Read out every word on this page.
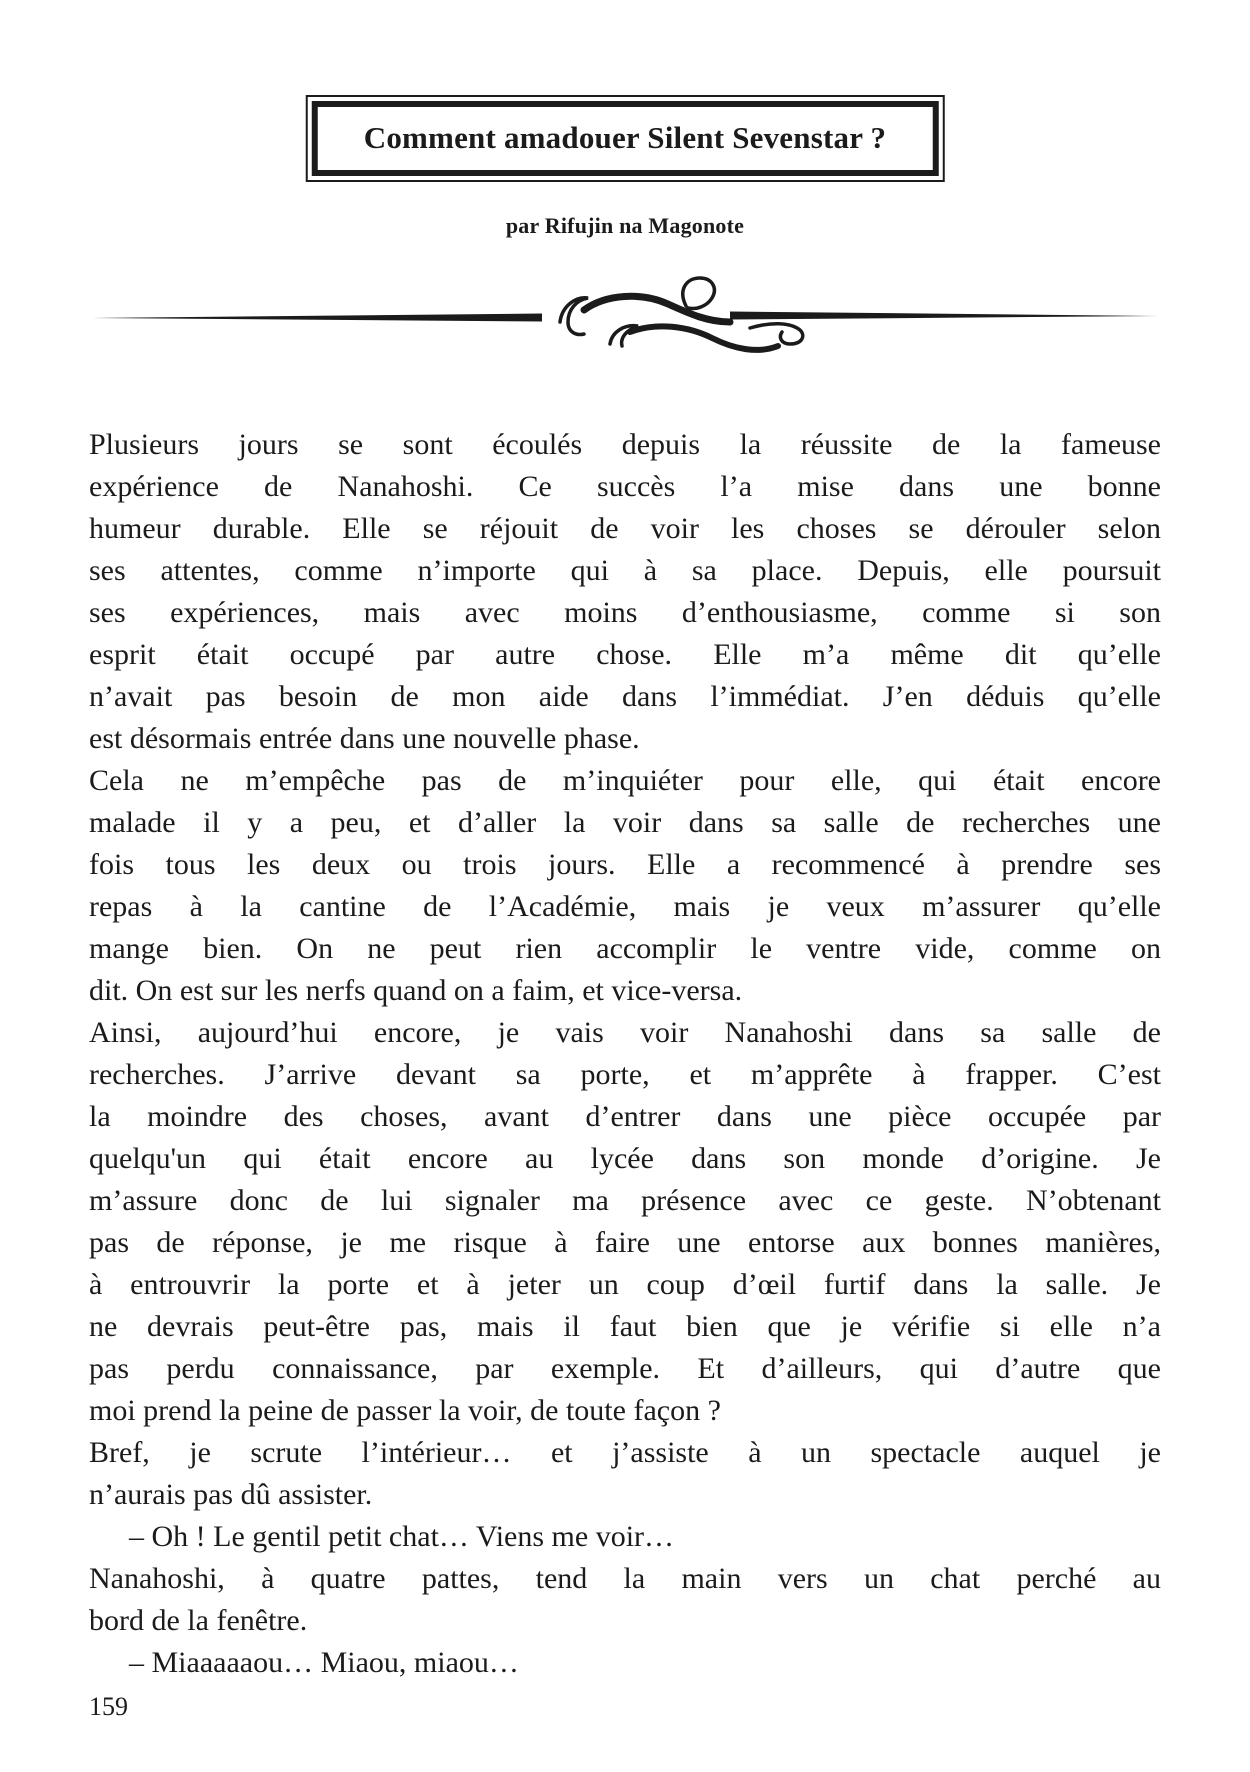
Comment amadouer Silent Sevenstar ?
par Rifujin na Magonote
Plusieurs jours se sont écoulés depuis la réussite de la fameuse
expérience de Nanahoshi. Ce succès l’a mise dans une bonne
humeur durable. Elle se réjouit de voir les choses se dérouler selon
ses attentes, comme n’importe qui à sa place. Depuis, elle poursuit
ses expériences, mais avec moins d’enthousiasme, comme si son
esprit était occupé par autre chose. Elle m’a même dit qu’elle
n’avait pas besoin de mon aide dans l’immédiat. J’en déduis qu’elle
est désormais entrée dans une nouvelle phase.
Cela ne m’empêche pas de m’inquiéter pour elle, qui était encore
malade il y a peu, et d’aller la voir dans sa salle de recherches une
fois tous les deux ou trois jours. Elle a recommencé à prendre ses
repas à la cantine de l’Académie, mais je veux m’assurer qu’elle
mange bien. On ne peut rien accomplir le ventre vide, comme on
dit. On est sur les nerfs quand on a faim, et vice-versa.
Ainsi, aujourd’hui encore, je vais voir Nanahoshi dans sa salle de
recherches. J’arrive devant sa porte, et m’apprête à frapper. C’est
la moindre des choses, avant d’entrer dans une pièce occupée par
quelqu'un qui était encore au lycée dans son monde d’origine. Je
m’assure donc de lui signaler ma présence avec ce geste. N’obtenant
pas de réponse, je me risque à faire une entorse aux bonnes manières,
à entrouvrir la porte et à jeter un coup d’œil furtif dans la salle. Je
ne devrais peut-être pas, mais il faut bien que je vérifie si elle n’a
pas perdu connaissance, par exemple. Et d’ailleurs, qui d’autre que
moi prend la peine de passer la voir, de toute façon ?
Bref, je scrute l’intérieur… et j’assiste à un spectacle auquel je
n’aurais pas dû assister.
– Oh ! Le gentil petit chat… Viens me voir…
Nanahoshi, à quatre pattes, tend la main vers un chat perché au
bord de la fenêtre.
– Miaaaaaou… Miaou, miaou…
159
